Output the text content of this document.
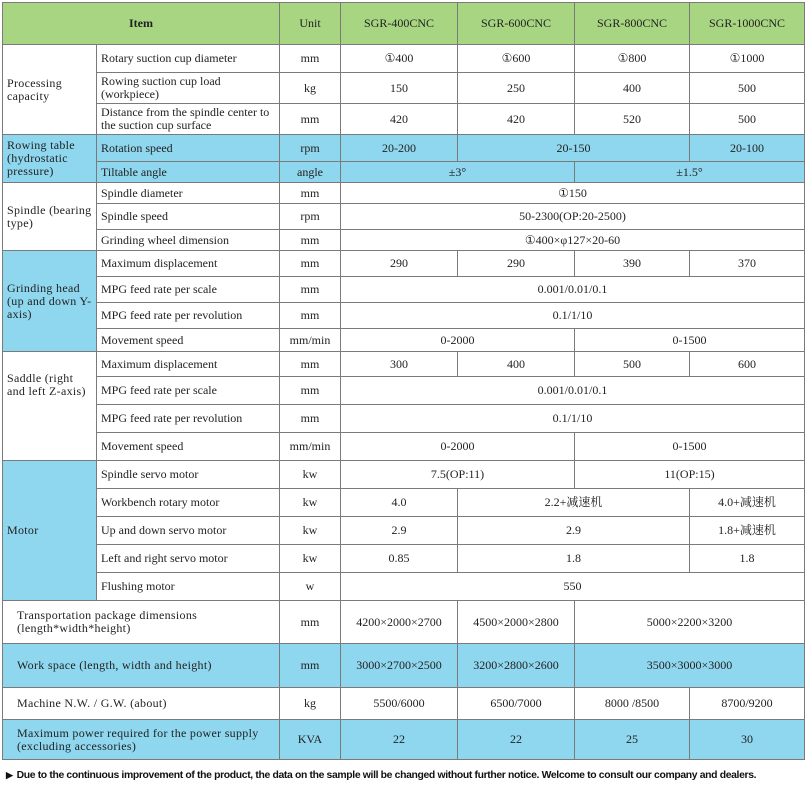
Item		Unit	SGR-400CNC	SGR-600CNC	SGR-800CNC	SGR-1000CNC
Processing capacity	Rotary suction cup diameter	mm	①400	①600	①800	①1000
	Rowing suction cup load (workpiece)	kg	150	250	400	500
	Distance from the spindle center to the suction cup surface	mm	420	420	520	500
Rowing table (hydrostatic pressure)	Rotation speed	rpm	20-200	20-150		20-100
	Tiltable angle	angle	±3°		±1.5°	
Spindle (bearing type)	Spindle diameter	mm	①150			
	Spindle speed	rpm	50-2300(OP:20-2500)			
	Grinding wheel dimension	mm	①400×φ127×20-60			
Grinding head (up and down Y-axis)	Maximum displacement	mm	290	290	390	370
	MPG feed rate per scale	mm	0.001/0.01/0.1			
	MPG feed rate per revolution	mm	0.1/1/10			
	Movement speed	mm/min	0-2000		0-1500	
Saddle (right and left Z-axis)	Maximum displacement	mm	300	400	500	600
	MPG feed rate per scale	mm	0.001/0.01/0.1			
	MPG feed rate per revolution	mm	0.1/1/10			
	Movement speed	mm/min	0-2000		0-1500	
Motor	Spindle servo motor	kw	7.5(OP:11)		11(OP:15)	
	Workbench rotary motor	kw	4.0	2.2+减速机		4.0+减速机
	Up and down servo motor	kw	2.9	2.9		1.8+减速机
	Left and right servo motor	kw	0.85	1.8		1.8
	Flushing motor	w	550			
Transportation package dimensions (length*width*height)		mm	4200×2000×2700	4500×2000×2800	5000×2200×3200	
Work space (length, width and height)		mm	3000×2700×2500	3200×2800×2600	3500×3000×3000	
Machine N.W. / G.W. (about)		kg	5500/6000	6500/7000	8000 /8500	8700/9200
Maximum power required for the power supply (excluding accessories)		KVA	22	22	25	30
▶ Due to the continuous improvement of the product, the data on the sample will be changed without further notice. Welcome to consult our company and dealers.
